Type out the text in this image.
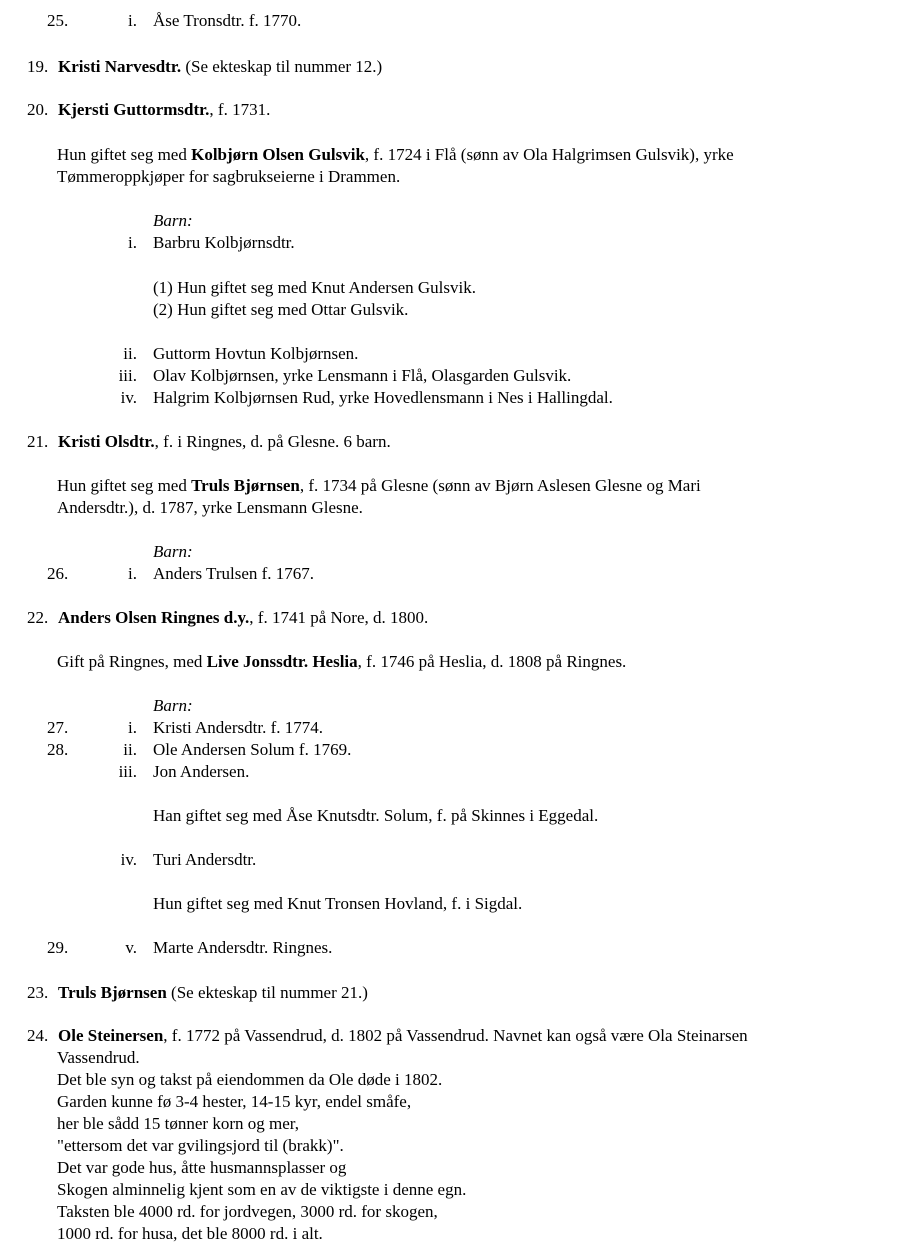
25.	i. Åse Tronsdtr. f. 1770.
19. Kristi Narvesdtr. (Se ekteskap til nummer 12.)
20. Kjersti Guttormsdtr., f. 1731.
Hun giftet seg med Kolbjørn Olsen Gulsvik, f. 1724 i Flå (sønn av Ola Halgrimsen Gulsvik), yrke
Tømmeroppkjøper for sagbrukseierne i Drammen.
Barn:
i. Barbru Kolbjørnsdtr.
(1) Hun giftet seg med Knut Andersen Gulsvik.
(2) Hun giftet seg med Ottar Gulsvik.
ii. Guttorm Hovtun Kolbjørnsen.
iii. Olav Kolbjørnsen, yrke Lensmann i Flå, Olasgarden Gulsvik.
iv. Halgrim Kolbjørnsen Rud, yrke Hovedlensmann i Nes i Hallingdal.
21. Kristi Olsdtr., f. i Ringnes, d. på Glesne. 6 barn.
Hun giftet seg med Truls Bjørnsen, f. 1734 på Glesne (sønn av Bjørn Aslesen Glesne og Mari
Andersdtr.), d. 1787, yrke Lensmann Glesne.
Barn:
26.	i. Anders Trulsen f. 1767.
22. Anders Olsen Ringnes d.y., f. 1741 på Nore, d. 1800.
Gift på Ringnes, med Live Jonssdtr. Heslia, f. 1746 på Heslia, d. 1808 på Ringnes.
Barn:
27.	i. Kristi Andersdtr. f. 1774.
28.	ii. Ole Andersen Solum f. 1769.
iii. Jon Andersen.
Han giftet seg med Åse Knutsdtr. Solum, f. på Skinnes i Eggedal.
iv. Turi Andersdtr.
Hun giftet seg med Knut Tronsen Hovland, f. i Sigdal.
29.	v. Marte Andersdtr. Ringnes.
23. Truls Bjørnsen (Se ekteskap til nummer 21.)
24. Ole Steinersen, f. 1772 på Vassendrud, d. 1802 på Vassendrud. Navnet kan også være Ola Steinarsen
Vassendrud.
Det ble syn og takst på eiendommen da Ole døde i 1802.
Garden kunne fø 3-4 hester, 14-15 kyr, endel småfe,
her ble sådd 15 tønner korn og mer,
"ettersom det var gvilingsjord til (brakk)".
Det var gode hus, åtte husmannsplasser og
Skogen alminnelig kjent som en av de viktigste i denne egn.
Taksten ble 4000 rd. for jordvegen, 3000 rd. for skogen,
1000 rd. for husa, det ble 8000 rd. i alt.
